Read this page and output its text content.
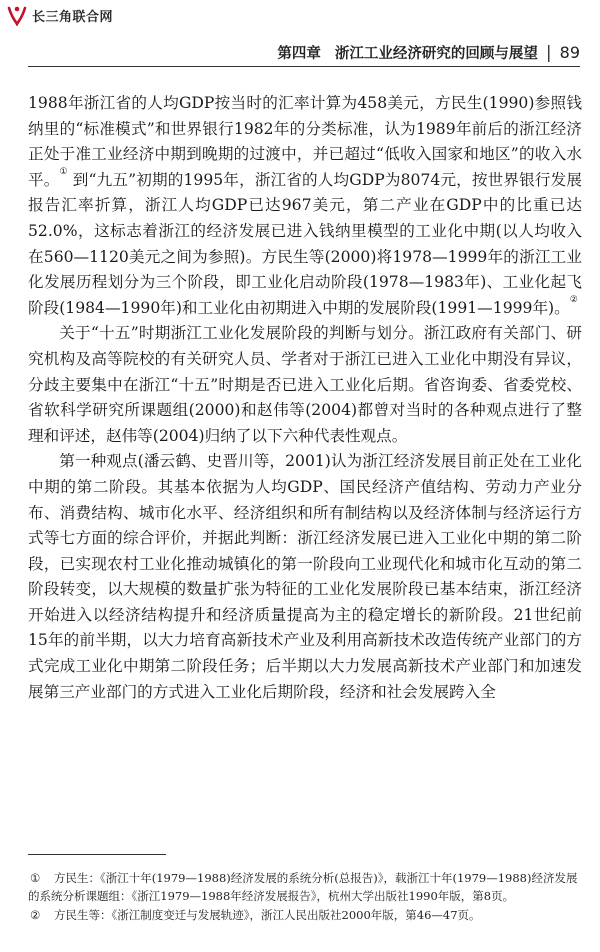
长三角联合网
第四章 浙江工业经济研究的回顾与展望 | 89

1988年浙江省的人均GDP按当时的汇率计算为458美元，方民生(1990)参照钱纳里的“标准模式”和世界银行1982年的分类标准，认为1989年前后的浙江经济正处于准工业经济中期到晚期的过渡中，并已超过“低收入国家和地区”的收入水平。① 到“九五”初期的1995年，浙江省的人均GDP为8074元，按世界银行发展报告汇率折算，浙江人均GDP已达967美元，第二产业在GDP中的比重已达52.0%，这标志着浙江的经济发展已进入钱纳里模型的工业化中期(以人均收入在560—1120美元之间为参照)。方民生等(2000)将1978—1999年的浙江工业化发展历程划分为三个阶段，即工业化启动阶段(1978—1983年)、工业化起飞阶段(1984—1990年)和工业化由初期进入中期的发展阶段(1991—1999年)。②

关于“十五”时期浙江工业化发展阶段的判断与划分。浙江政府有关部门、研究机构及高等院校的有关研究人员、学者对于浙江已进入工业化中期没有异议，分歧主要集中在浙江“十五”时期是否已进入工业化后期。省咨询委、省委党校、省软科学研究所课题组(2000)和赵伟等(2004)都曾对当时的各种观点进行了整理和评述，赵伟等(2004)归纳了以下六种代表性观点。

第一种观点(潘云鹤、史晋川等，2001)认为浙江经济发展目前正处在工业化中期的第二阶段。其基本依据为人均GDP、国民经济产值结构、劳动力产业分布、消费结构、城市化水平、经济组织和所有制结构以及经济体制与经济运行方式等七方面的综合评价，并据此判断：浙江经济发展已进入工业化中期的第二阶段，已实现农村工业化推动城镇化的第一阶段向工业现代化和城市化互动的第二阶段转变，以大规模的数量扩张为特征的工业化发展阶段已基本结束，浙江经济开始进入以经济结构提升和经济质量提高为主的稳定增长的新阶段。21世纪前15年的前半期，以大力培育高新技术产业及利用高新技术改造传统产业部门的方式完成工业化中期第二阶段任务；后半期以大力发展高新技术产业部门和加速发展第三产业部门的方式进入工业化后期阶段，经济和社会发展跨入全

① 方民生：《浙江十年(1979—1988)经济发展的系统分析(总报告)》，载浙江十年(1979—1988)经济发展的系统分析课题组：《浙江1979—1988年经济发展报告》，杭州大学出版社1990年版，第8页。

② 方民生等：《浙江制度变迁与发展轨迹》，浙江人民出版社2000年版，第46—47页。
